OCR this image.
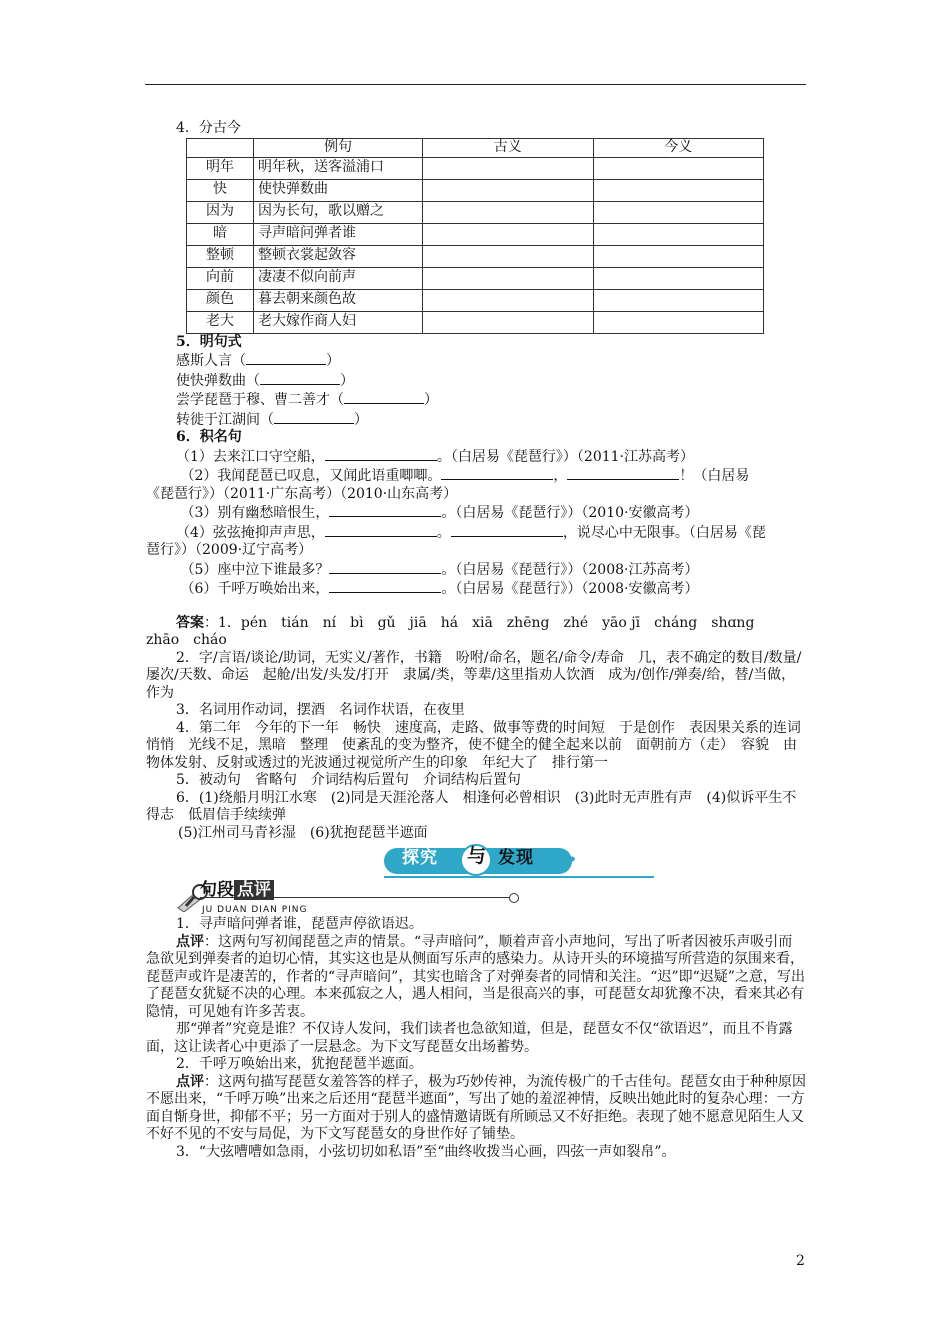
4．分古今

	例句	古义	今义
明年	明年秋，送客溢浦口		
快	使快弹数曲		
因为	因为长句，歌以赠之		
暗	寻声暗问弹者谁		
整顿	整顿衣裳起敛容		
向前	凄凄不似向前声		
颜色	暮去朝来颜色故		
老大	老大嫁作商人妇		

5．明句式

感斯人言（	）

使快弹数曲（	）

尝学琵琶于穆、曹二善才（	）

转徙于江湖间（	）

6．积名句

（1）去来江口守空船，	。（白居易《琵琶行》）（2011·江苏高考）

（2）我闻琵琶已叹息，又闻此语重唧唧。	，	！（白居易

《琵琶行》）（2011·广东高考）（2010·山东高考）

（3）别有幽愁暗恨生，	。（白居易《琵琶行》）（2010·安徽高考）

（4）弦弦掩抑声声思，	。	，说尽心中无限事。（白居易《琵

琶行》）（2009·辽宁高考）

（5）座中泣下谁最多？	。（白居易《琵琶行》）（2008·江苏高考）

（6）千呼万唤始出来，	。（白居易《琵琶行》）（2008·安徽高考）

答案：1．pén　tián　ní　bì　gǔ　jiā　há　xiā　zhēng　zhé　yāo jī　cháng　shɑng

zhāo　cháo

2．字/言语/谈论/助词，无实义/著作，书籍　吩咐/命名，题名/命令/寿命　几，表不确定的数目/数量/屡次/天数、命运　起舱/出发/头发/打开　隶属/类，等辈/这里指劝人饮酒　成为/创作/弹奏/给，替/当做，作为

3．名词用作动词，摆酒　名词作状语，在夜里

4．第二年　今年的下一年　畅快　速度高，走路、做事等费的时间短　于是创作　表因果关系的连词　悄悄　光线不足，黑暗　整理　使紊乱的变为整齐，使不健全的健全起来以前　面朝前方（走）　容貌　由物体发射、反射或透过的光波通过视觉所产生的印象　年纪大了　排行第一

5．被动句　省略句　介词结构后置句　介词结构后置句

6．(1)绕船月明江水寒　(2)同是天涯沦落人　相逢何必曾相识　(3)此时无声胜有声　(4)似诉平生不得志　低眉信手续续弹

(5)江州司马青衫湿　(6)犹抱琵琶半遮面

探究 与 发现 •••
句段 点评
JU DUAN DIAN PING

1．寻声暗问弹者谁，琵琶声停欲语迟。

点评：这两句写初闻琵琶之声的情景。“寻声暗问”，顺着声音小声地问，写出了听者因被乐声吸引而急欲见到弹奏者的迫切心情，其实这也是从侧面写乐声的感染力。从诗开头的环境描写所营造的氛围来看，琵琶声或许是凄苦的，作者的“寻声暗问”，其实也暗含了对弹奏者的同情和关注。“迟”即“迟疑”之意，写出了琵琶女犹疑不决的心理。本来孤寂之人，遇人相问，当是很高兴的事，可琵琶女却犹豫不决，看来其必有隐情，可见她有许多苦衷。

那“弹者”究竟是谁？不仅诗人发问，我们读者也急欲知道，但是，琵琶女不仅“欲语迟”，而且不肯露面，这让读者心中更添了一层悬念。为下文写琵琶女出场蓄势。

2．千呼万唤始出来，犹抱琵琶半遮面。

点评：这两句描写琵琶女羞答答的样子，极为巧妙传神，为流传极广的千古佳句。琵琶女由于种种原因不愿出来，“千呼万唤”出来之后还用“琵琶半遮面”，写出了她的羞涩神情，反映出她此时的复杂心理：一方面自惭身世，抑郁不平；另一方面对于别人的盛情邀请既有所顾忌又不好拒绝。表现了她不愿意见陌生人又不好不见的不安与局促，为下文写琵琶女的身世作好了铺垫。

3．“大弦嘈嘈如急雨，小弦切切如私语”至“曲终收拨当心画，四弦一声如裂帛”。

2
